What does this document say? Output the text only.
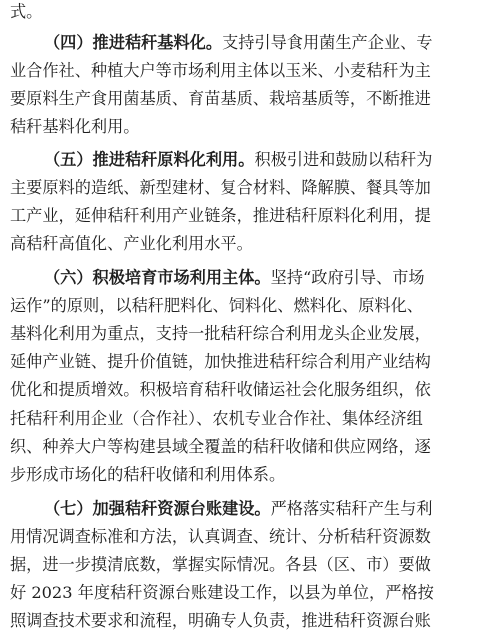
式。
（四）推进秸秆基料化。支持引导食用菌生产企业、专
业合作社、种植大户等市场利用主体以玉米、小麦秸秆为主
要原料生产食用菌基质、育苗基质、栽培基质等，不断推进
秸秆基料化利用。
（五）推进秸秆原料化利用。积极引进和鼓励以秸秆为
主要原料的造纸、新型建材、复合材料、降解膜、餐具等加
工产业，延伸秸秆利用产业链条，推进秸秆原料化利用，提
高秸秆高值化、产业化利用水平。
（六）积极培育市场利用主体。坚持“政府引导、市场
运作”的原则，以秸秆肥料化、饲料化、燃料化、原料化、
基料化利用为重点，支持一批秸秆综合利用龙头企业发展，
延伸产业链、提升价值链，加快推进秸秆综合利用产业结构
优化和提质增效。积极培育秸秆收储运社会化服务组织，依
托秸秆利用企业（合作社）、农机专业合作社、集体经济组
织、种养大户等构建县域全覆盖的秸秆收储和供应网络，逐
步形成市场化的秸秆收储和利用体系。
（七）加强秸秆资源台账建设。严格落实秸秆产生与利
用情况调查标准和方法，认真调查、统计、分析秸秆资源数
据，进一步摸清底数，掌握实际情况。各县（区、市）要做
好 2023 年度秸秆资源台账建设工作，以县为单位，严格按
照调查技术要求和流程，明确专人负责，推进秸秆资源台账
